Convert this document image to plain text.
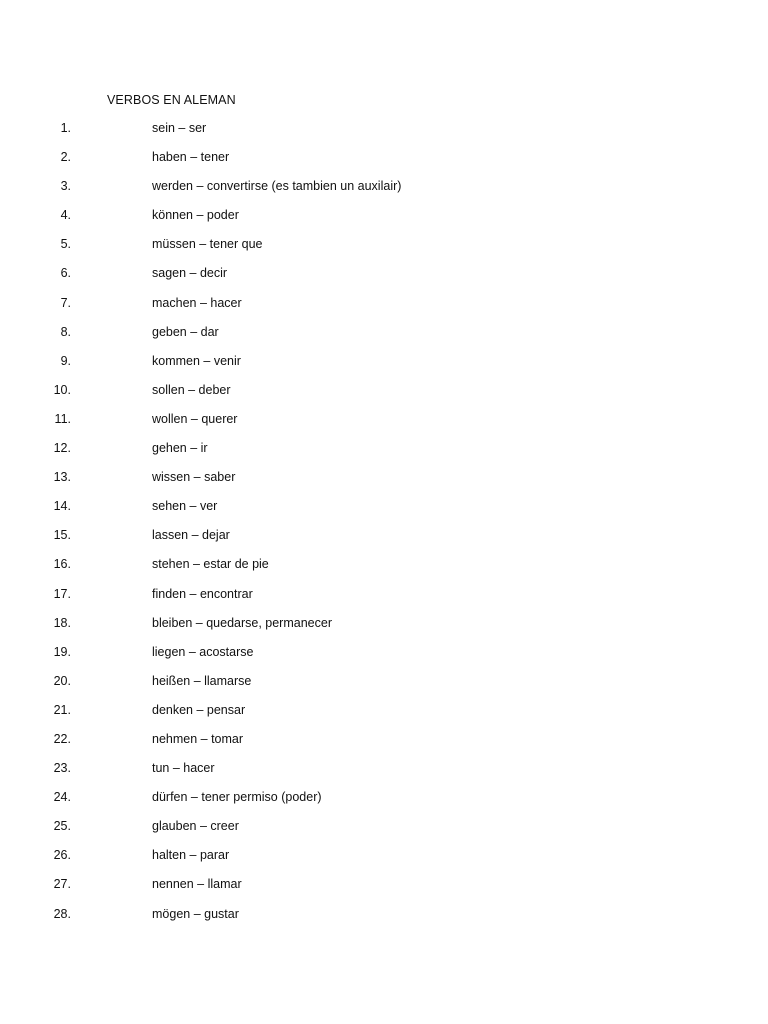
VERBOS EN ALEMAN
1.	sein – ser
2.	haben – tener
3.	werden – convertirse (es tambien un auxilair)
4.	können – poder
5.	müssen – tener que
6.	sagen – decir
7.	machen – hacer
8.	geben – dar
9.	kommen – venir
10.	sollen – deber
11.	wollen – querer
12.	gehen – ir
13.	wissen – saber
14.	sehen – ver
15.	lassen – dejar
16.	stehen – estar de pie
17.	finden – encontrar
18.	bleiben – quedarse, permanecer
19.	liegen – acostarse
20.	heißen – llamarse
21.	denken – pensar
22.	nehmen – tomar
23.	tun – hacer
24.	dürfen – tener permiso (poder)
25.	glauben – creer
26.	halten – parar
27.	nennen – llamar
28.	mögen – gustar
